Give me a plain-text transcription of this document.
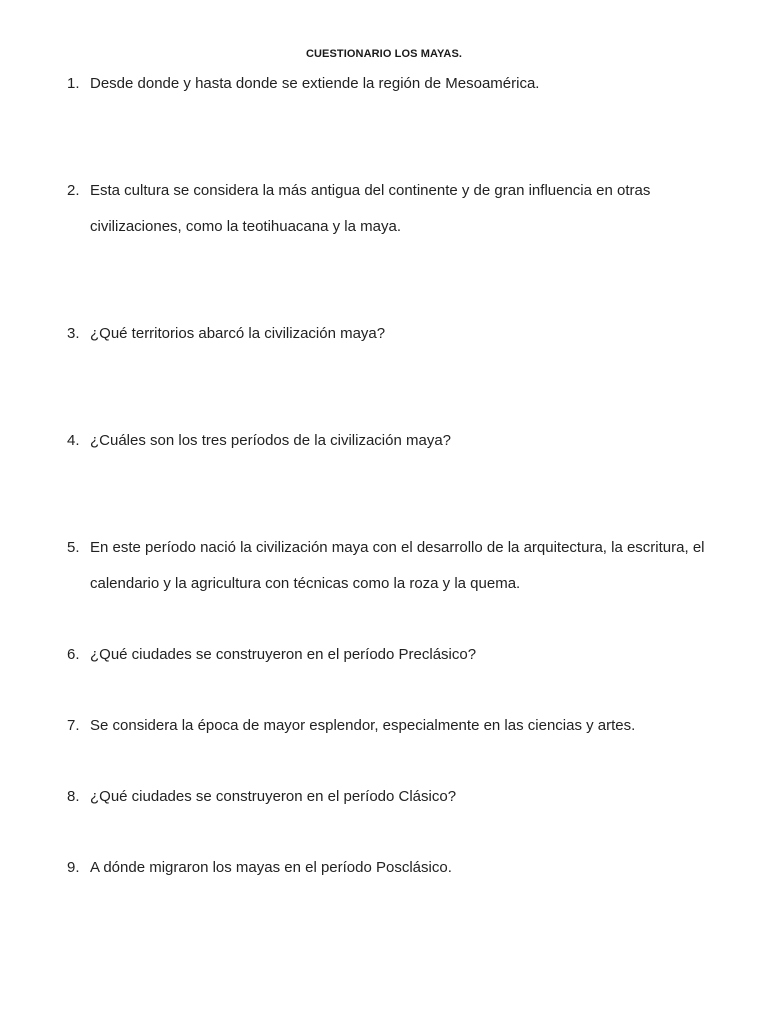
CUESTIONARIO LOS MAYAS.
1. Desde donde y hasta donde se extiende la región de Mesoamérica.
2. Esta cultura se considera la más antigua del continente y de gran influencia en otras civilizaciones, como la teotihuacana y la maya.
3. ¿Qué territorios abarcó la civilización maya?
4. ¿Cuáles son los tres períodos de la civilización maya?
5. En este período nació la civilización maya con el desarrollo de la arquitectura, la escritura, el calendario y la agricultura con técnicas como la roza y la quema.
6. ¿Qué ciudades se construyeron en el período Preclásico?
7. Se considera la época de mayor esplendor, especialmente en las ciencias y artes.
8. ¿Qué ciudades se construyeron en el período Clásico?
9. A dónde migraron los mayas en el período Posclásico.
